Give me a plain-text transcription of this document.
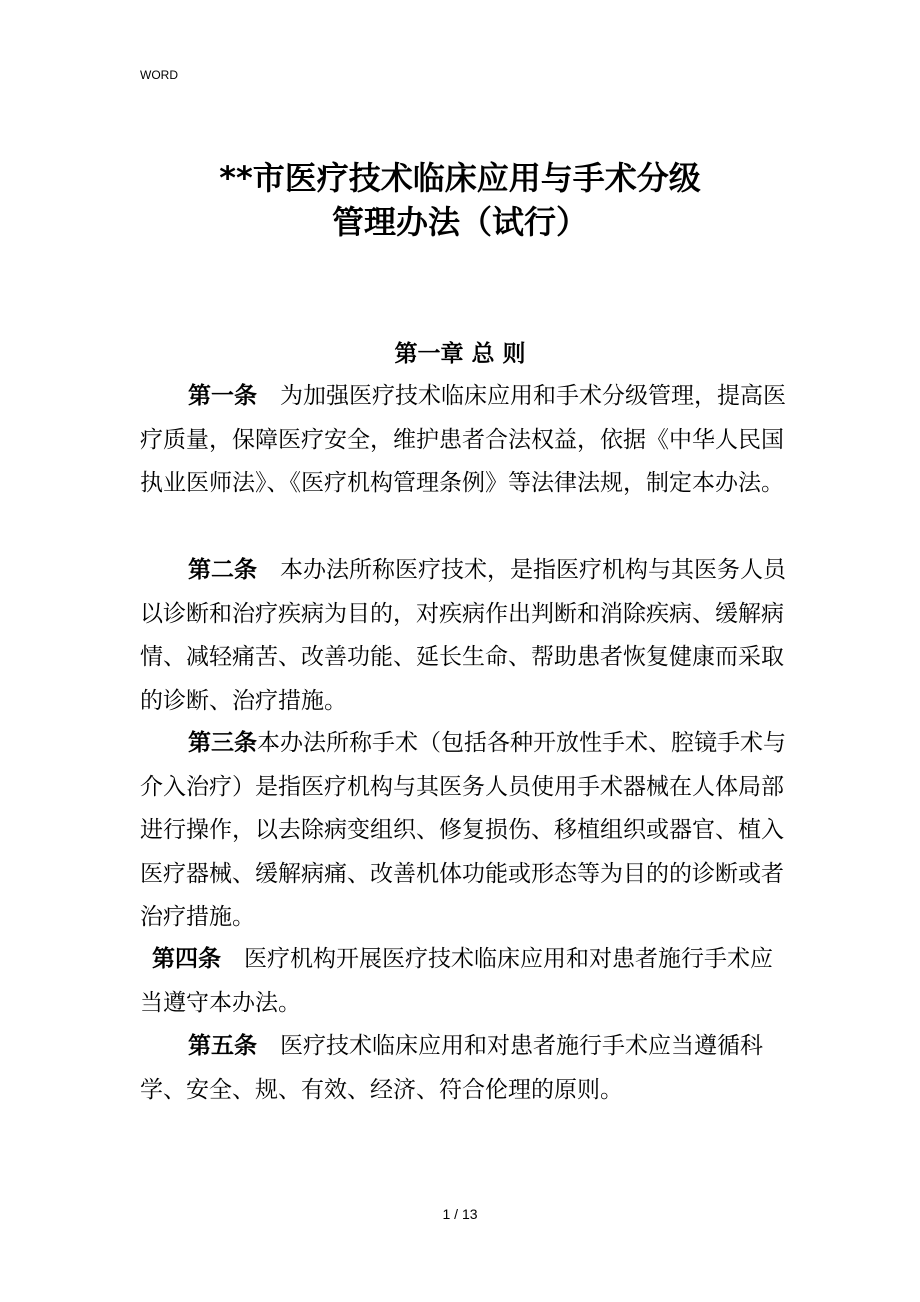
WORD
**市医疗技术临床应用与手术分级
管理办法（试行）
第一章 总 则

第一条　为加强医疗技术临床应用和手术分级管理，提高医疗质量，保障医疗安全，维护患者合法权益，依据《中华人民国执业医师法》、《医疗机构管理条例》等法律法规，制定本办法。

第二条　本办法所称医疗技术，是指医疗机构与其医务人员以诊断和治疗疾病为目的，对疾病作出判断和消除疾病、缓解病情、减轻痛苦、改善功能、延长生命、帮助患者恢复健康而采取的诊断、治疗措施。

第三条本办法所称手术（包括各种开放性手术、腔镜手术与介入治疗）是指医疗机构与其医务人员使用手术器械在人体局部进行操作，以去除病变组织、修复损伤、移植组织或器官、植入医疗器械、缓解病痛、改善机体功能或形态等为目的的诊断或者治疗措施。

第四条　医疗机构开展医疗技术临床应用和对患者施行手术应当遵守本办法。

第五条　医疗技术临床应用和对患者施行手术应当遵循科学、安全、规、有效、经济、符合伦理的原则。

1 / 13
